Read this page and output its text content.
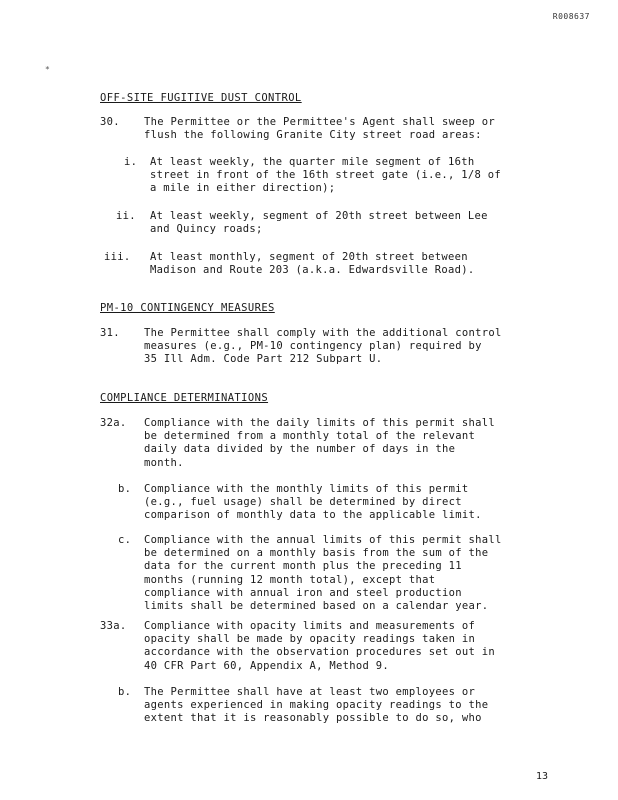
R008637
*
OFF-SITE FUGITIVE DUST CONTROL
30. The Permittee or the Permittee's Agent shall sweep or
flush the following Granite City street road areas:
i. At least weekly, the quarter mile segment of 16th
street in front of the 16th street gate (i.e., 1/8 of
a mile in either direction);
ii. At least weekly, segment of 20th street between Lee
and Quincy roads;
iii. At least monthly, segment of 20th street between
Madison and Route 203 (a.k.a. Edwardsville Road).
PM-10 CONTINGENCY MEASURES
31. The Permittee shall comply with the additional control
measures (e.g., PM-10 contingency plan) required by
35 Ill Adm. Code Part 212 Subpart U.
COMPLIANCE DETERMINATIONS
32a. Compliance with the daily limits of this permit shall
be determined from a monthly total of the relevant
daily data divided by the number of days in the
month.
b. Compliance with the monthly limits of this permit
(e.g., fuel usage) shall be determined by direct
comparison of monthly data to the applicable limit.
c. Compliance with the annual limits of this permit shall
be determined on a monthly basis from the sum of the
data for the current month plus the preceding 11
months (running 12 month total), except that
compliance with annual iron and steel production
limits shall be determined based on a calendar year.
33a. Compliance with opacity limits and measurements of
opacity shall be made by opacity readings taken in
accordance with the observation procedures set out in
40 CFR Part 60, Appendix A, Method 9.
b. The Permittee shall have at least two employees or
agents experienced in making opacity readings to the
extent that it is reasonably possible to do so, who
13
